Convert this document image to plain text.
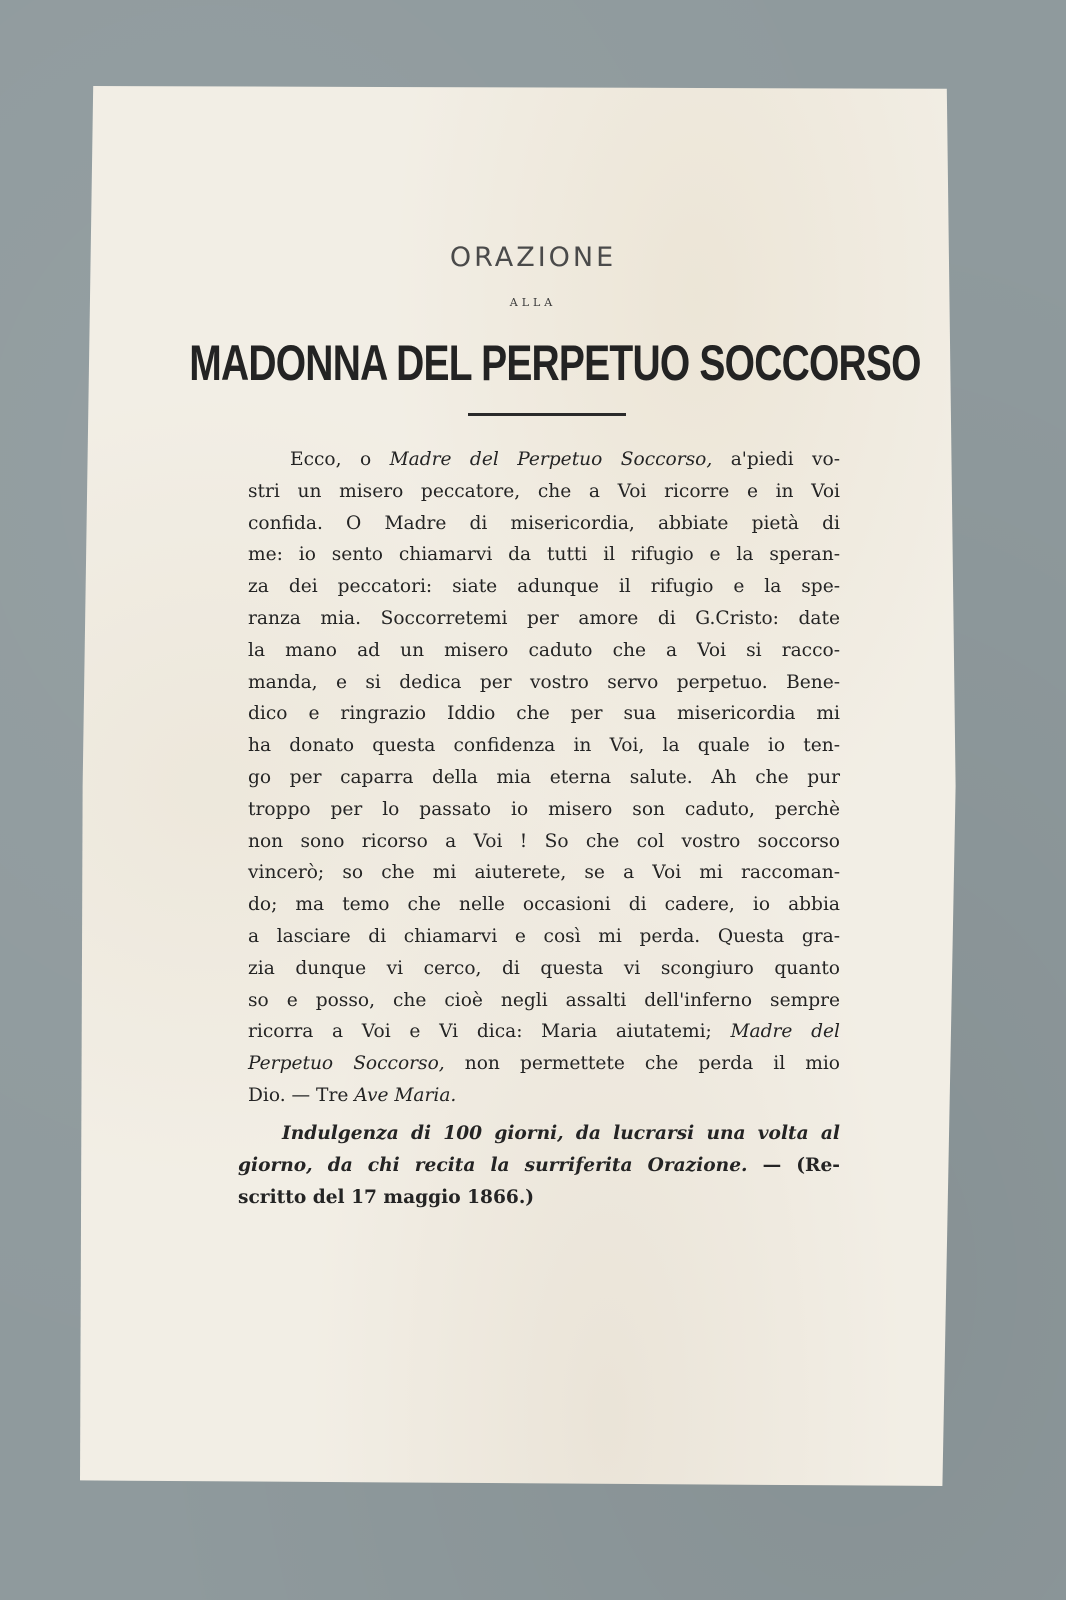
ORAZIONE
ALLA
MADONNA DEL PERPETUO SOCCORSO
Ecco, o Madre del Perpetuo Soccorso, a'piedi vo-
stri un misero peccatore, che a Voi ricorre e in Voi
confida. O Madre di misericordia, abbiate pietà di
me: io sento chiamarvi da tutti il rifugio e la speran-
za dei peccatori: siate adunque il rifugio e la spe-
ranza mia. Soccorretemi per amore di G.Cristo: date
la mano ad un misero caduto che a Voi si racco-
manda, e si dedica per vostro servo perpetuo. Bene-
dico e ringrazio Iddio che per sua misericordia mi
ha donato questa confidenza in Voi, la quale io ten-
go per caparra della mia eterna salute. Ah che pur
troppo per lo passato io misero son caduto, perchè
non sono ricorso a Voi ! So che col vostro soccorso
vincerò; so che mi aiuterete, se a Voi mi raccoman-
do; ma temo che nelle occasioni di cadere, io abbia
a lasciare di chiamarvi e così mi perda. Questa gra-
zia dunque vi cerco, di questa vi scongiuro quanto
so e posso, che cioè negli assalti dell'inferno sempre
ricorra a Voi e Vi dica: Maria aiutatemi; Madre del
Perpetuo Soccorso, non permettete che perda il mio
Dio. — Tre Ave Maria.
Indulgenza di 100 giorni, da lucrarsi una volta al
giorno, da chi recita la surriferita Orazione. — (Re-
scritto del 17 maggio 1866.)
